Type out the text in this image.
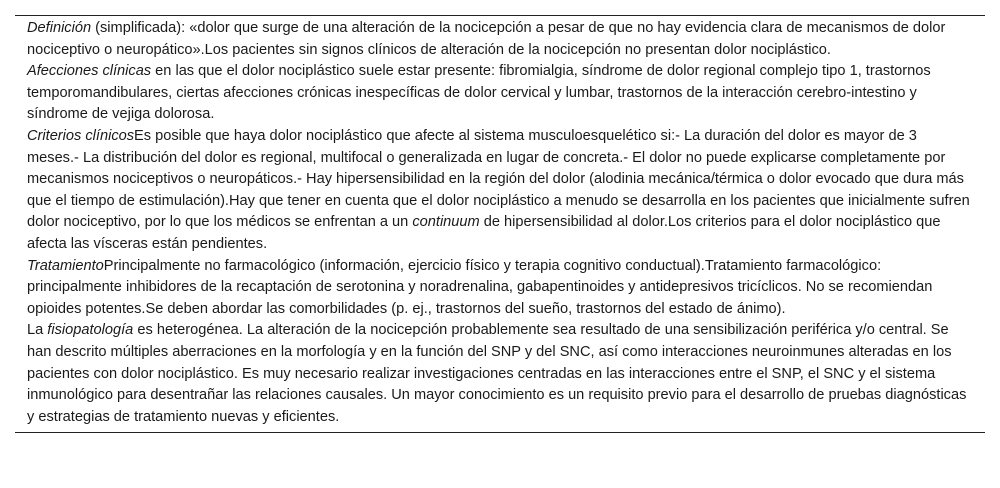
Definición (simplificada): «dolor que surge de una alteración de la nocicepción a pesar de que no hay evidencia clara de mecanismos de dolor nociceptivo o neuropático».Los pacientes sin signos clínicos de alteración de la nocicepción no presentan dolor nociplástico.

Afecciones clínicas en las que el dolor nociplástico suele estar presente: fibromialgia, síndrome de dolor regional complejo tipo 1, trastornos temporomandibulares, ciertas afecciones crónicas inespecíficas de dolor cervical y lumbar, trastornos de la interacción cerebro-intestino y síndrome de vejiga dolorosa.

Criterios clínicosEs posible que haya dolor nociplástico que afecte al sistema musculoesquelético si:- La duración del dolor es mayor de 3 meses.- La distribución del dolor es regional, multifocal o generalizada en lugar de concreta.- El dolor no puede explicarse completamente por mecanismos nociceptivos o neuropáticos.- Hay hipersensibilidad en la región del dolor (alodinia mecánica/térmica o dolor evocado que dura más que el tiempo de estimulación).Hay que tener en cuenta que el dolor nociplástico a menudo se desarrolla en los pacientes que inicialmente sufren dolor nociceptivo, por lo que los médicos se enfrentan a un continuum de hipersensibilidad al dolor.Los criterios para el dolor nociplástico que afecta las vísceras están pendientes.

TratamientoPrincipalmente no farmacológico (información, ejercicio físico y terapia cognitivo conductual).Tratamiento farmacológico: principalmente inhibidores de la recaptación de serotonina y noradrenalina, gabapentinoides y antidepresivos tricíclicos. No se recomiendan opioides potentes.Se deben abordar las comorbilidades (p. ej., trastornos del sueño, trastornos del estado de ánimo).

La fisiopatología es heterogénea. La alteración de la nocicepción probablemente sea resultado de una sensibilización periférica y/o central. Se han descrito múltiples aberraciones en la morfología y en la función del SNP y del SNC, así como interacciones neuroinmunes alteradas en los pacientes con dolor nociplástico. Es muy necesario realizar investigaciones centradas en las interacciones entre el SNP, el SNC y el sistema inmunológico para desentrañar las relaciones causales. Un mayor conocimiento es un requisito previo para el desarrollo de pruebas diagnósticas y estrategias de tratamiento nuevas y eficientes.
